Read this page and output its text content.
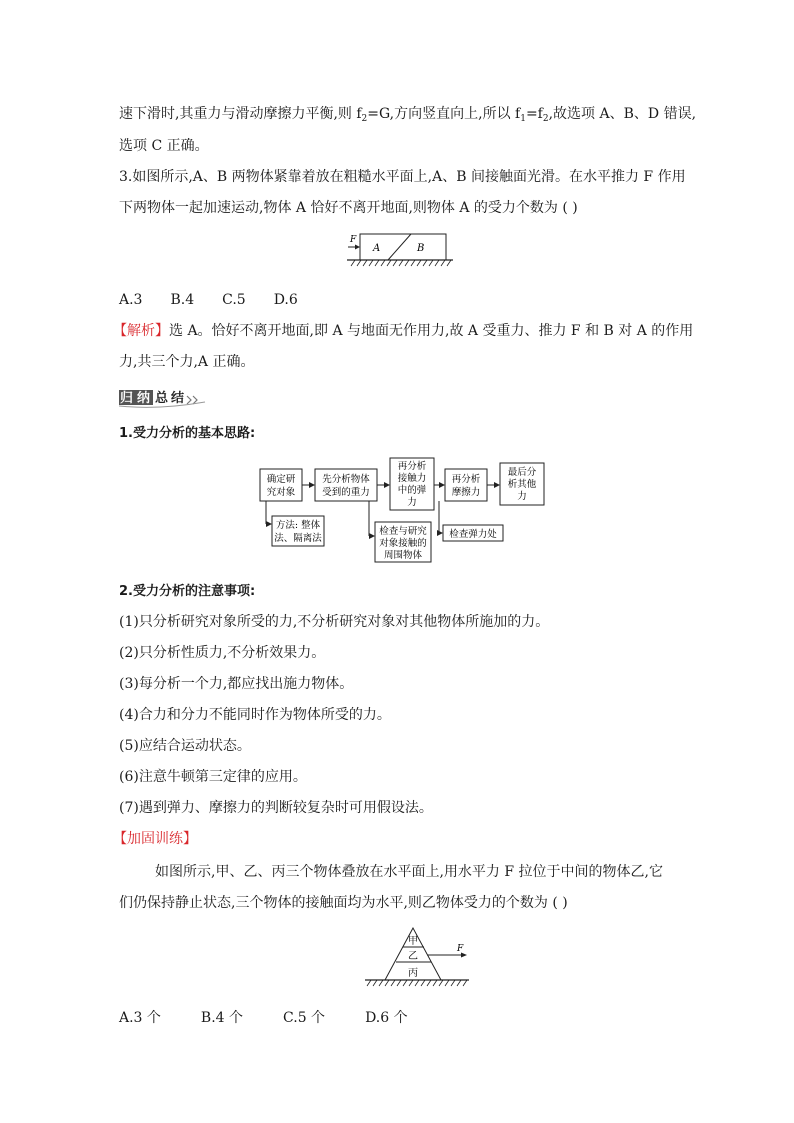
速下滑时,其重力与滑动摩擦力平衡,则 $f_2=G$,方向竖直向上,所以 $f_1=f_2$,故选项 A、B、D 错误,
选项 C 正确。
3.如图所示,A、B 两物体紧靠着放在粗糙水平面上,A、B 间接触面光滑。在水平推力 F 作用
下两物体一起加速运动,物体 A 恰好不离开地面,则物体 A 的受力个数为 ( )
F
A	B
A.3 B.4 C.5 D.6
【解析】选 A。恰好不离开地面,即 A 与地面无作用力,故 A 受重力、推力 F 和 B 对 A 的作用
力,共三个力,A 正确。
归 纳 总 结
1.受力分析的基本思路:
确定研
究对象
先分析物体
受到的重力
再分析
接触力
中的弹
力
再分析
摩擦力
最后分
析其他
力
方法: 整体
法、隔离法
检查与研究
对象接触的
周围物体
检查弹力处
2.受力分析的注意事项:
(1)只分析研究对象所受的力,不分析研究对象对其他物体所施加的力。
(2)只分析性质力,不分析效果力。
(3)每分析一个力,都应找出施力物体。
(4)合力和分力不能同时作为物体所受的力。
(5)应结合运动状态。
(6)注意牛顿第三定律的应用。
(7)遇到弹力、摩擦力的判断较复杂时可用假设法。
【加固训练】
如图所示,甲、乙、丙三个物体叠放在水平面上,用水平力 F 拉位于中间的物体乙,它
们仍保持静止状态,三个物体的接触面均为水平,则乙物体受力的个数为 ( )
甲
乙
丙
F
A.3 个	B.4 个	C.5 个	D.6 个
